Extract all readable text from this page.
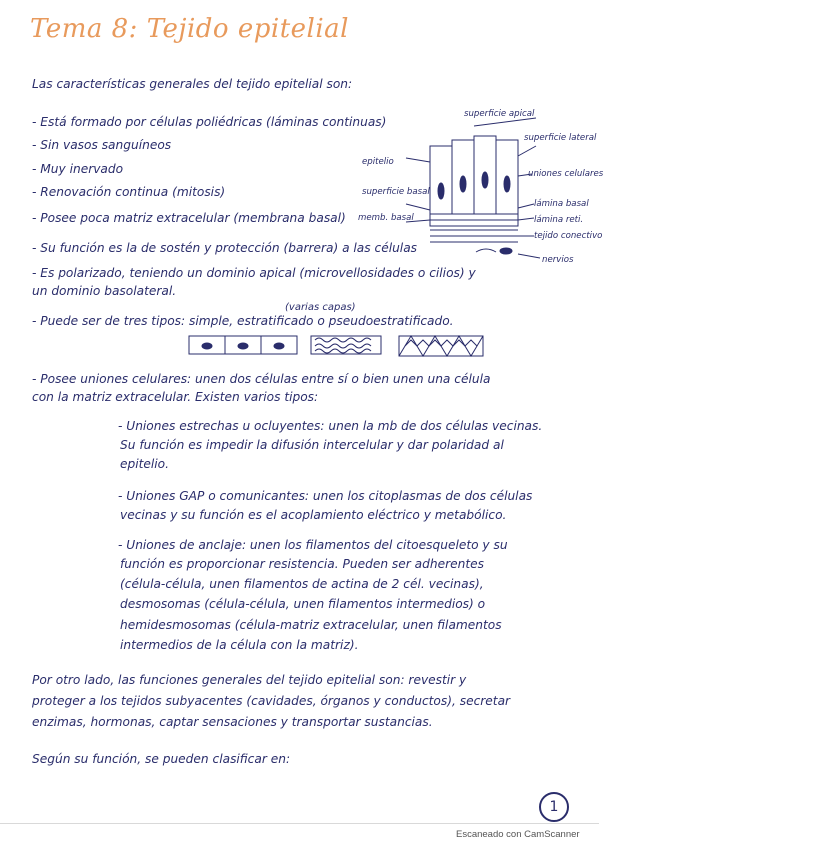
Tema 8: Tejido epitelial
Las características generales del tejido epitelial son:
- Está formado por células poliédricas (láminas continuas)
- Sin vasos sanguíneos
- Muy inervado
- Renovación continua (mitosis)
- Posee poca matriz extracelular (membrana basal)
- Su función es la de sostén y protección (barrera) a las células
- Es polarizado, teniendo un dominio apical (microvellosidades o cilios) y
un dominio basolateral.
(varias capas)
- Puede ser de tres tipos: simple, estratificado o pseudoestratificado.
- Posee uniones celulares: unen dos células entre sí o bien unen una célula
con la matriz extracelular. Existen varios tipos:
- Uniones estrechas u ocluyentes: unen la mb de dos células vecinas.
Su función es impedir la difusión intercelular y dar polaridad al
epitelio.
- Uniones GAP o comunicantes: unen los citoplasmas de dos células
vecinas y su función es el acoplamiento eléctrico y metabólico.
- Uniones de anclaje: unen los filamentos del citoesqueleto y su
función es proporcionar resistencia. Pueden ser adherentes
(célula-célula, unen filamentos de actina de 2 cél. vecinas),
desmosomas (célula-célula, unen filamentos intermedios) o
hemidesmosomas (célula-matriz extracelular, unen filamentos
intermedios de la célula con la matriz).
Por otro lado, las funciones generales del tejido epitelial son: revestir y
proteger a los tejidos subyacentes (cavidades, órganos y conductos), secretar
enzimas, hormonas, captar sensaciones y transportar sustancias.
Según su función, se pueden clasificar en:
superficie apical
superficie lateral
epitelio
uniones celulares
superficie basal
memb. basal
lámina basal
lámina reti.
tejido conectivo
nervios
1
Escaneado con CamScanner
